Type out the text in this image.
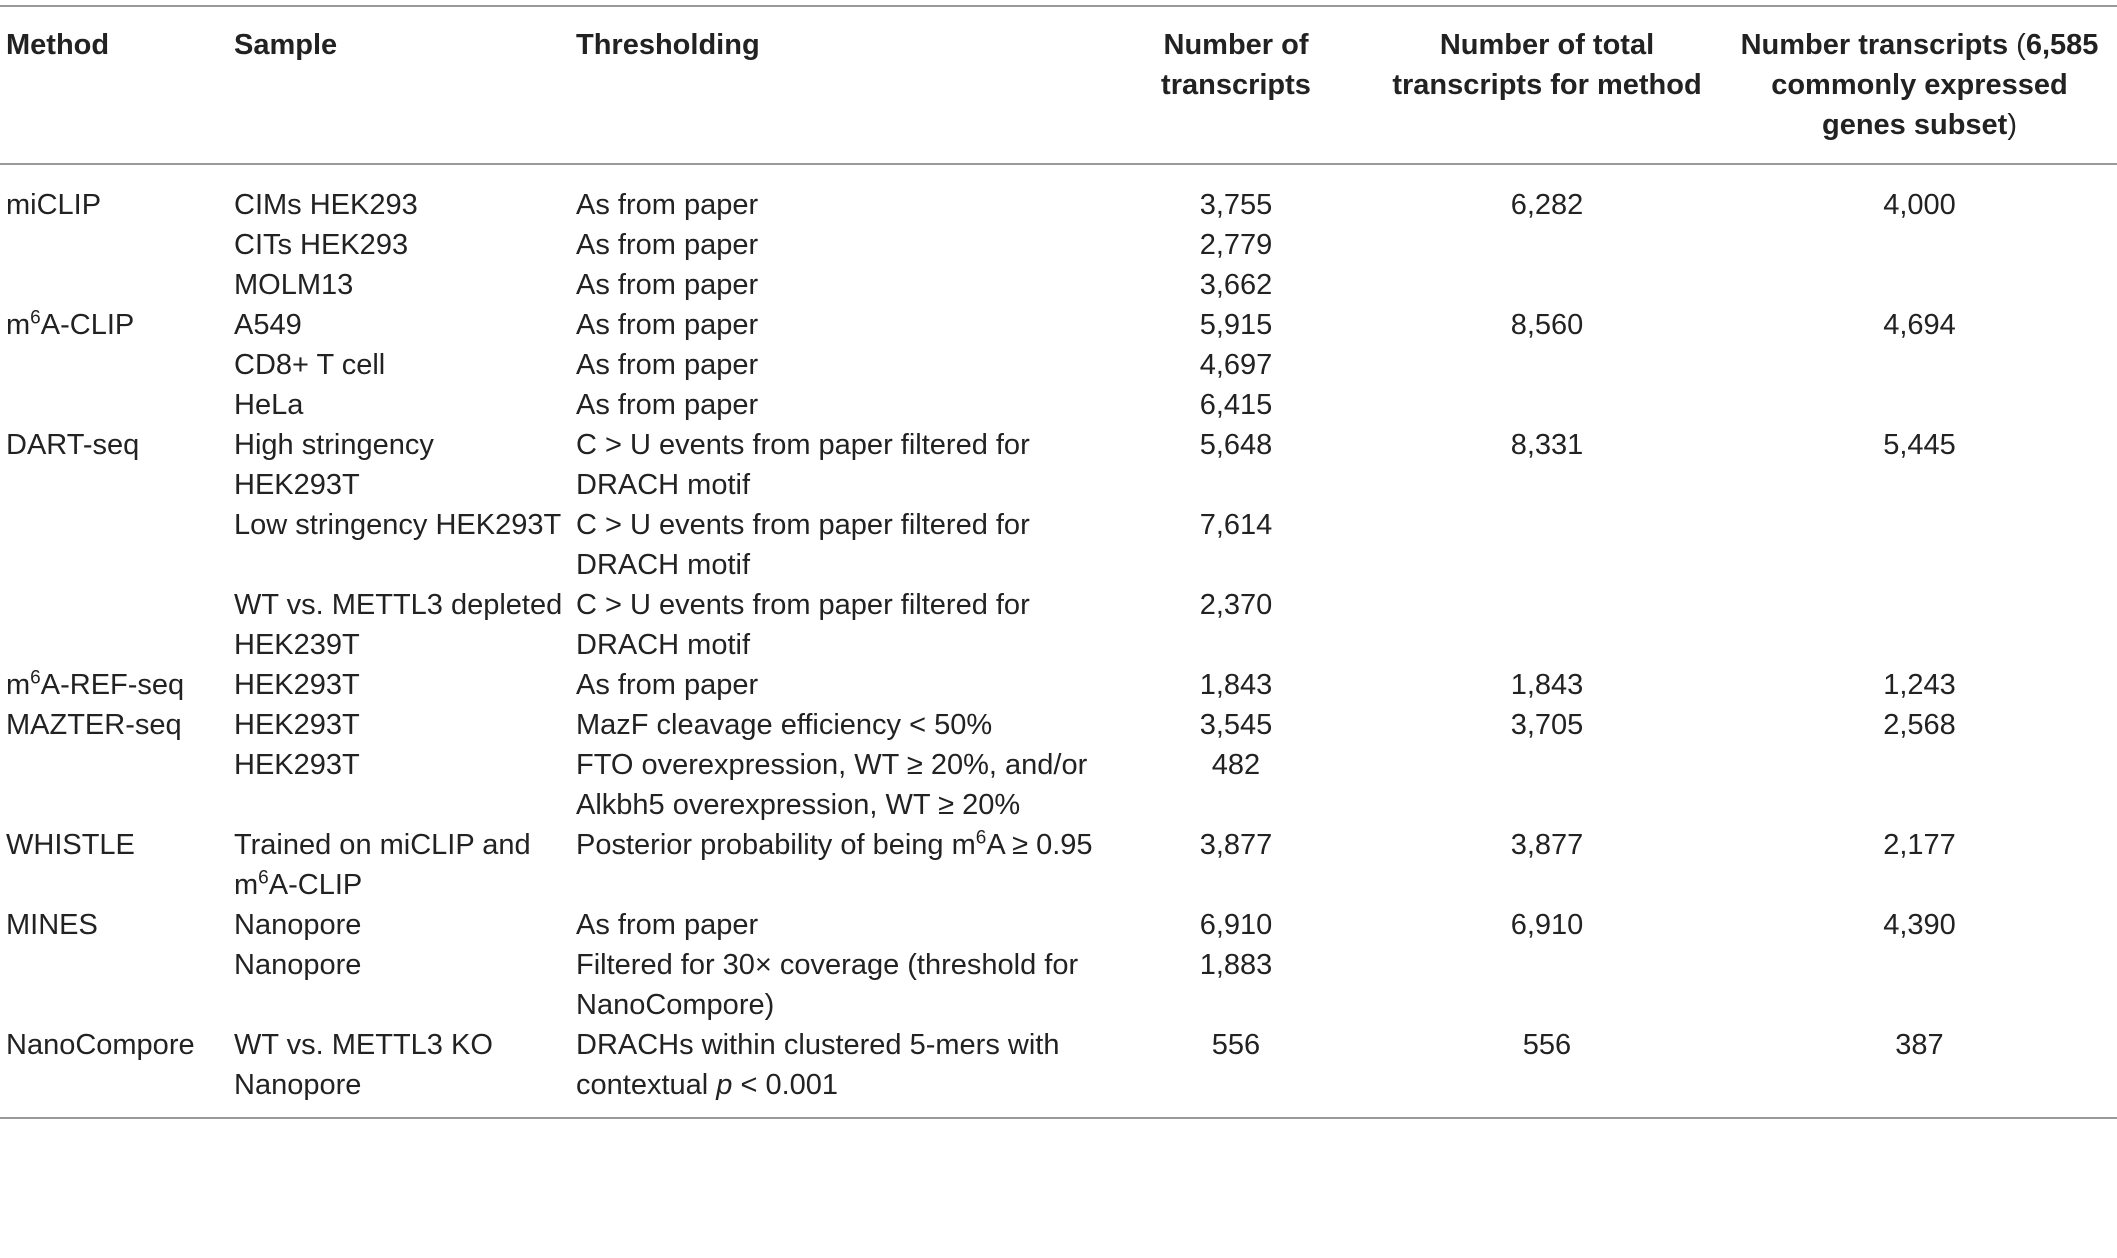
Method	Sample	Thresholding	Number of transcripts	Number of total transcripts for method	Number transcripts (6,585 commonly expressed genes subset)
miCLIP	CIMs HEK293	As from paper	3,755	6,282	4,000
	CITs HEK293	As from paper	2,779		
	MOLM13	As from paper	3,662		
$m^6A$-CLIP	A549	As from paper	5,915	8,560	4,694
	CD8+ T cell	As from paper	4,697		
	HeLa	As from paper	6,415		
DART-seq	High stringency HEK293T	C > U events from paper filtered for DRACH motif	5,648	8,331	5,445
	Low stringency HEK293T	C > U events from paper filtered for DRACH motif	7,614		
	WT vs. METTL3 depleted HEK239T	C > U events from paper filtered for DRACH motif	2,370		
$m^6A-REF$-seq	HEK293T	As from paper	1,843	1,843	1,243
MAZTER-seq	HEK293T	MazF cleavage efficiency < 50%	3,545	3,705	2,568
	HEK293T	FTO overexpression, WT ≥ 20%, and/or Alkbh5 overexpression, WT ≥ 20%	482		
WHISTLE	Trained on miCLIP and $m^6A$-CLIP	Posterior probability of being $m^6A \ge 0.95$	3,877	3,877	2,177
MINES	Nanopore	As from paper	6,910	6,910	4,390
	Nanopore	Filtered for 30× coverage (threshold for NanoCompore)	1,883		
NanoCompore	WT vs. METTL3 KO Nanopore	DRACHs within clustered 5-mers with contextual p < 0.001	556	556	387
